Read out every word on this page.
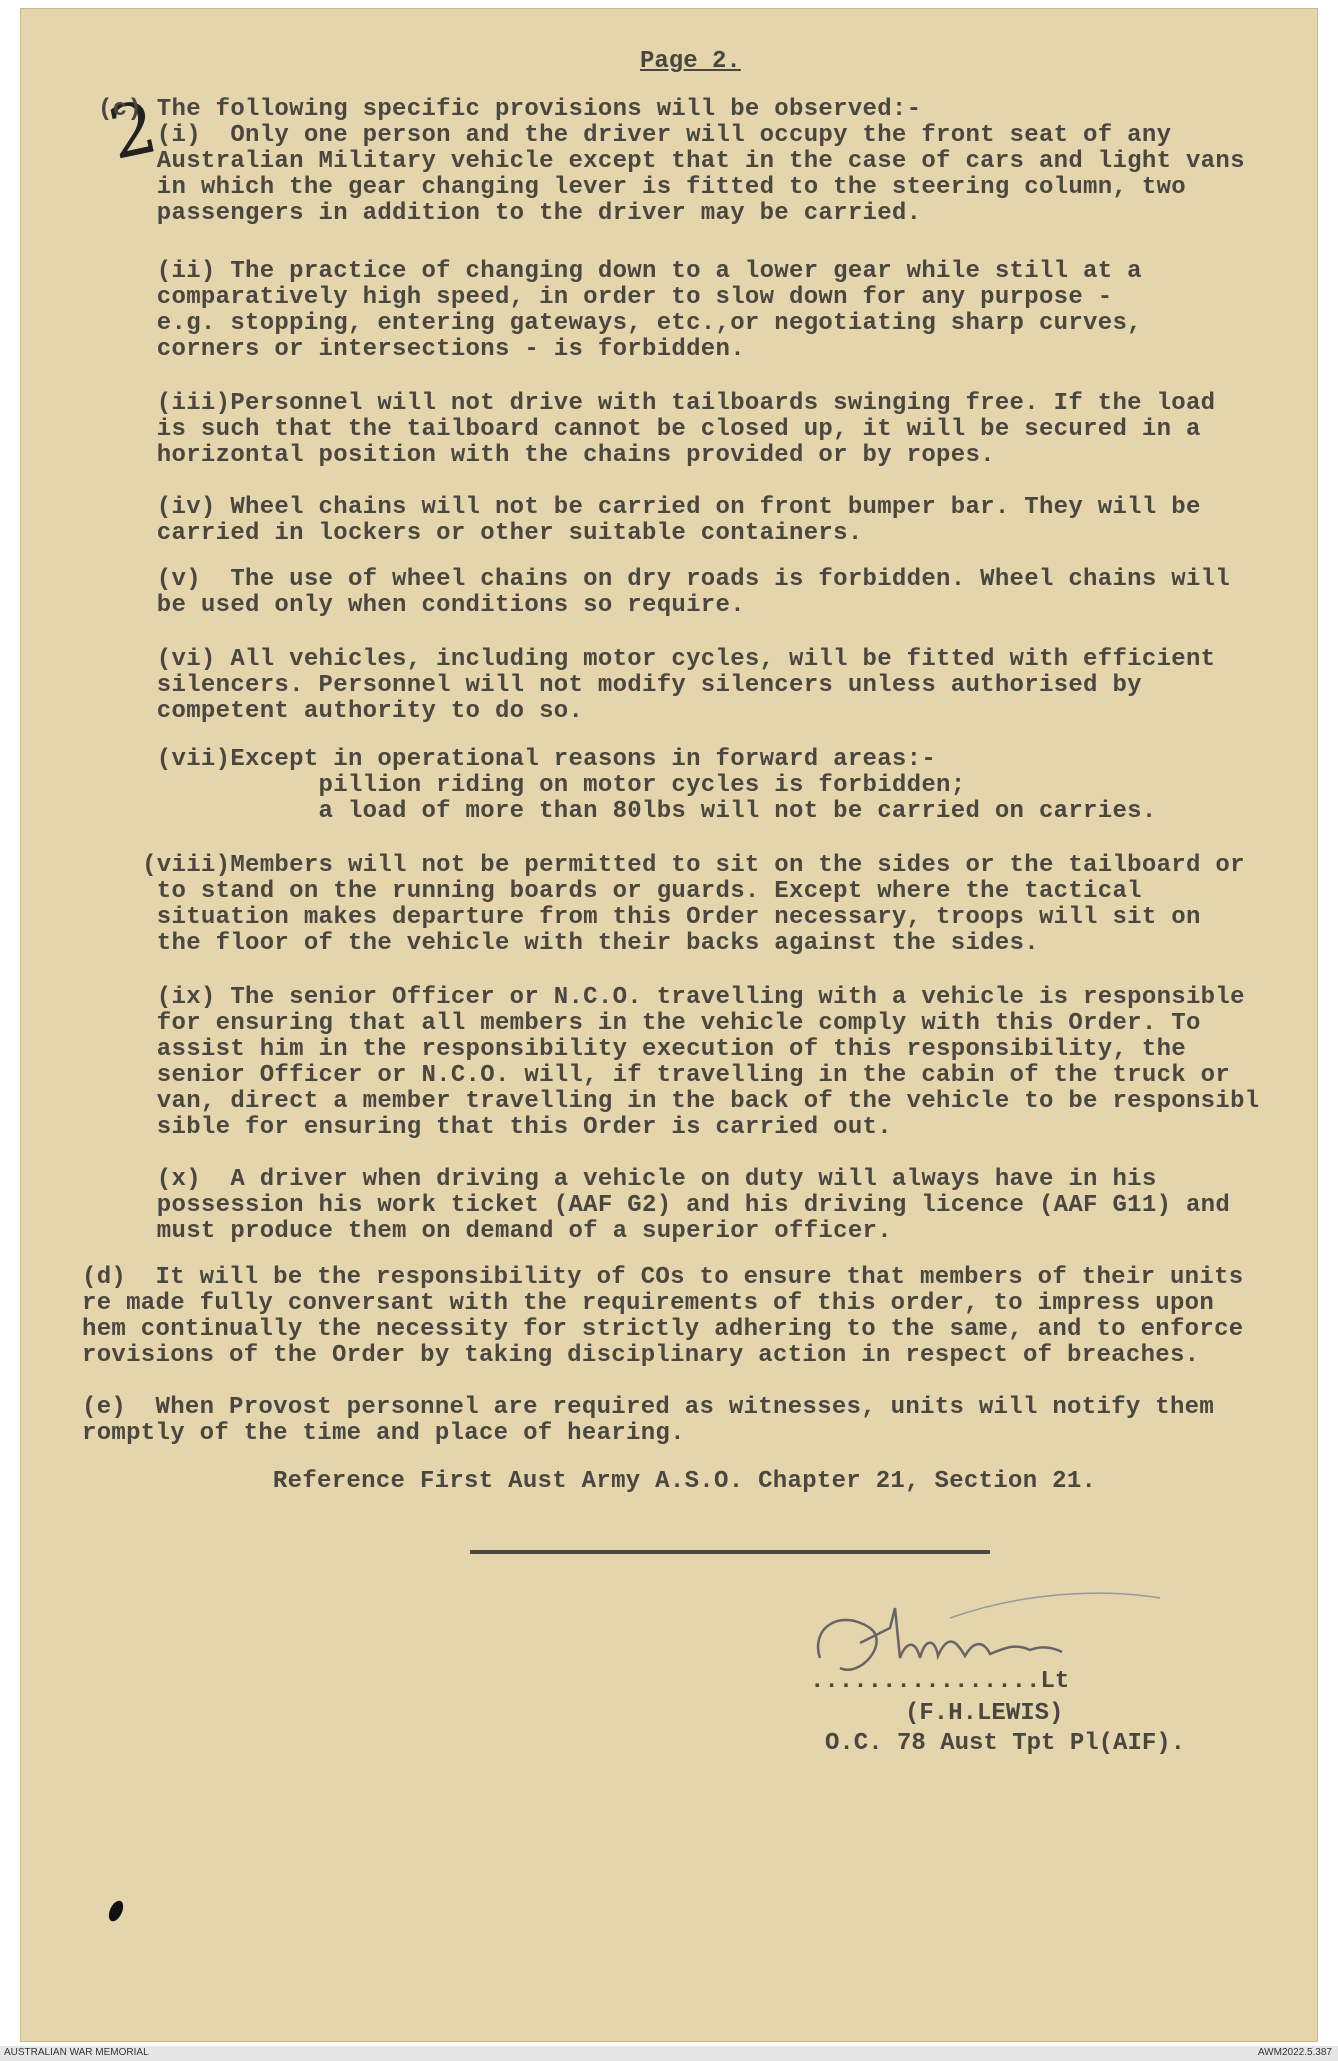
Page 2.
2
(c) The following specific provisions will be observed:-
(i)  Only one person and the driver will occupy the front seat of any
Australian Military vehicle except that in the case of cars and light vans
in which the gear changing lever is fitted to the steering column, two
passengers in addition to the driver may be carried.
(ii) The practice of changing down to a lower gear while still at a
comparatively high speed, in order to slow down for any purpose -
e.g. stopping, entering gateways, etc.,or negotiating sharp curves,
corners or intersections - is forbidden.
(iii)Personnel will not drive with tailboards swinging free. If the load
is such that the tailboard cannot be closed up, it will be secured in a
horizontal position with the chains provided or by ropes.
(iv) Wheel chains will not be carried on front bumper bar. They will be
carried in lockers or other suitable containers.
(v)  The use of wheel chains on dry roads is forbidden. Wheel chains will
be used only when conditions so require.
(vi) All vehicles, including motor cycles, will be fitted with efficient
silencers. Personnel will not modify silencers unless authorised by
competent authority to do so.
(vii)Except in operational reasons in forward areas:-
pillion riding on motor cycles is forbidden;
a load of more than 80lbs will not be carried on carries.
(viii)Members will not be permitted to sit on the sides or the tailboard or
to stand on the running boards or guards. Except where the tactical
situation makes departure from this Order necessary, troops will sit on
the floor of the vehicle with their backs against the sides.
(ix) The senior Officer or N.C.O. travelling with a vehicle is responsible
for ensuring that all members in the vehicle comply with this Order. To
assist him in the responsibility execution of this responsibility, the
senior Officer or N.C.O. will, if travelling in the cabin of the truck or
van, direct a member travelling in the back of the vehicle to be responsibl
sible for ensuring that this Order is carried out.
(x)  A driver when driving a vehicle on duty will always have in his
possession his work ticket (AAF G2) and his driving licence (AAF G11) and
must produce them on demand of a superior officer.
(d)  It will be the responsibility of COs to ensure that members of their units
re made fully conversant with the requirements of this order, to impress upon
hem continually the necessity for strictly adhering to the same, and to enforce
rovisions of the Order by taking disciplinary action in respect of breaches.
(e)  When Provost personnel are required as witnesses, units will notify them
romptly of the time and place of hearing.
Reference First Aust Army A.S.O. Chapter 21, Section 21.
................Lt
(F.H.LEWIS)
O.C. 78 Aust Tpt Pl(AIF).
AUSTRALIAN WAR MEMORIAL	AWM2022.5.387
